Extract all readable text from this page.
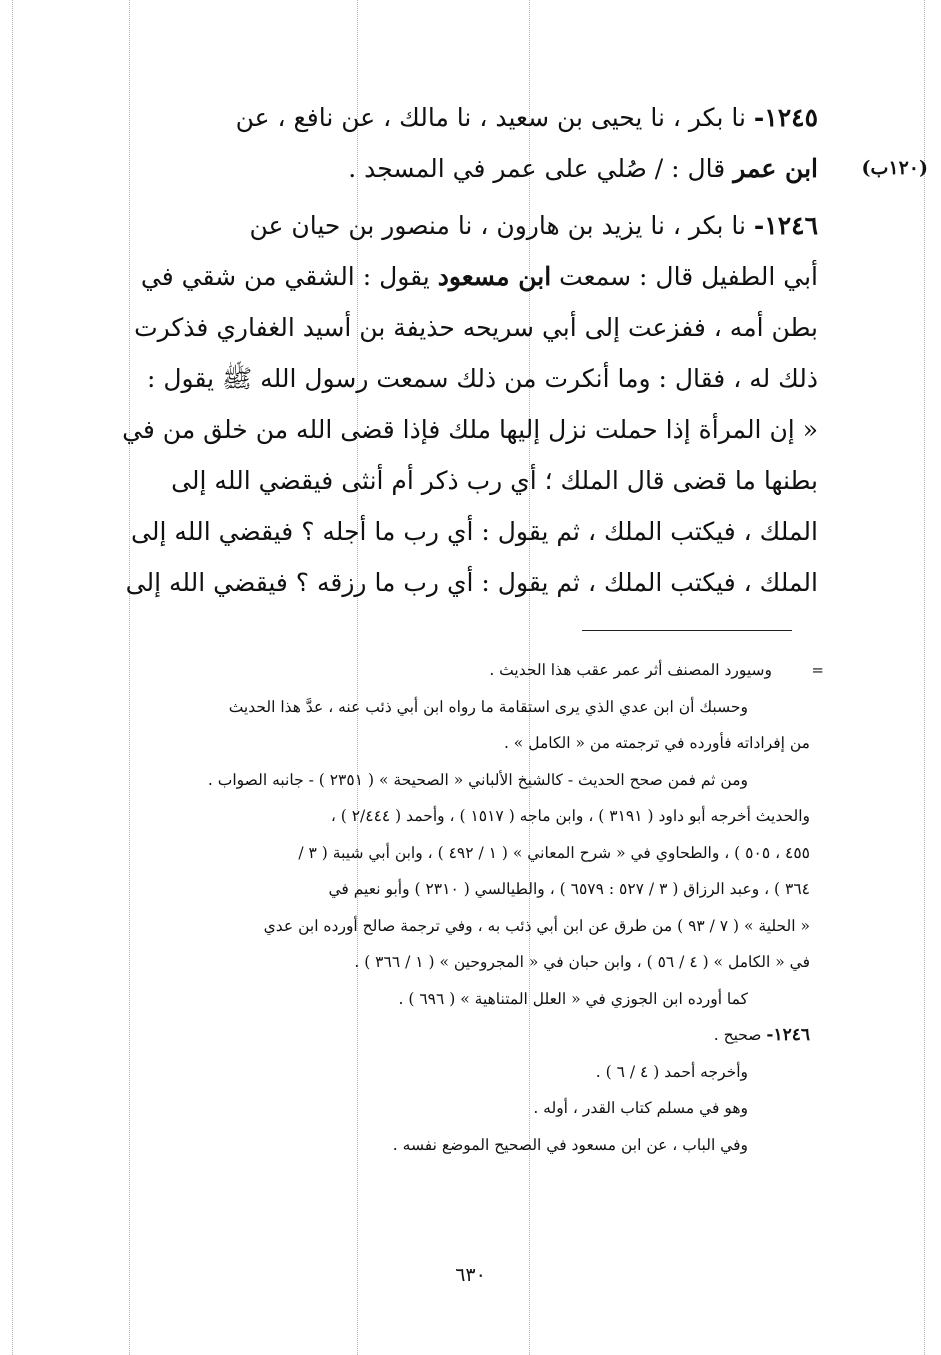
١٢٤٥- نا بكر ، نا يحيى بن سعيد ، نا مالك ، عن نافع ، عن
(١٢٠ب)
ابن عمر قال : / صُلي على عمر في المسجد .
١٢٤٦- نا بكر ، نا يزيد بن هارون ، نا منصور بن حيان عن
أبي الطفيل قال : سمعت ابن مسعود يقول : الشقي من شقي في
بطن أمه ، ففزعت إلى أبي سريحه حذيفة بن أسيد الغفاري فذكرت
ذلك له ، فقال : وما أنكرت من ذلك سمعت رسول الله ﷺ يقول :
« إن المرأة إذا حملت نزل إليها ملك فإذا قضى الله من خلق من في
بطنها ما قضى قال الملك ؛ أي رب ذكر أم أنثى فيقضي الله إلى
الملك ، فيكتب الملك ، ثم يقول : أي رب ما أجله ؟ فيقضي الله إلى
الملك ، فيكتب الملك ، ثم يقول : أي رب ما رزقه ؟ فيقضي الله إلى
=
وسيورد المصنف أثر عمر عقب هذا الحديث .
وحسبك أن ابن عدي الذي يرى استقامة ما رواه ابن أبي ذئب عنه ، عدَّ هذا الحديث
من إفراداته فأورده في ترجمته من « الكامل » .
ومن ثم فمن صحح الحديث - كالشيخ الألباني « الصحيحة » ( ٢٣٥١ ) - جانبه الصواب .
والحديث أخرجه أبو داود ( ٣١٩١ ) ، وابن ماجه ( ١٥١٧ ) ، وأحمد ( ٢/٤٤٤ ) ،
٤٥٥ ، ٥٠٥ ) ، والطحاوي في « شرح المعاني » ( ١ / ٤٩٢ ) ، وابن أبي شيبة ( ٣ /
٣٦٤ ) ، وعبد الرزاق ( ٣ / ٥٢٧ : ٦٥٧٩ ) ، والطيالسي ( ٢٣١٠ ) وأبو نعيم في
« الحلية » ( ٧ / ٩٣ ) من طرق عن ابن أبي ذئب به ، وفي ترجمة صالح أورده ابن عدي
في « الكامل » ( ٤ / ٥٦ ) ، وابن حبان في « المجروحين » ( ١ / ٣٦٦ ) .
كما أورده ابن الجوزي في « العلل المتناهية » ( ٦٩٦ ) .
١٢٤٦- صحيح .
وأخرجه أحمد ( ٤ / ٦ ) .
وهو في مسلم كتاب القدر ، أوله .
وفي الباب ، عن ابن مسعود في الصحيح الموضع نفسه .
٦٣٠
